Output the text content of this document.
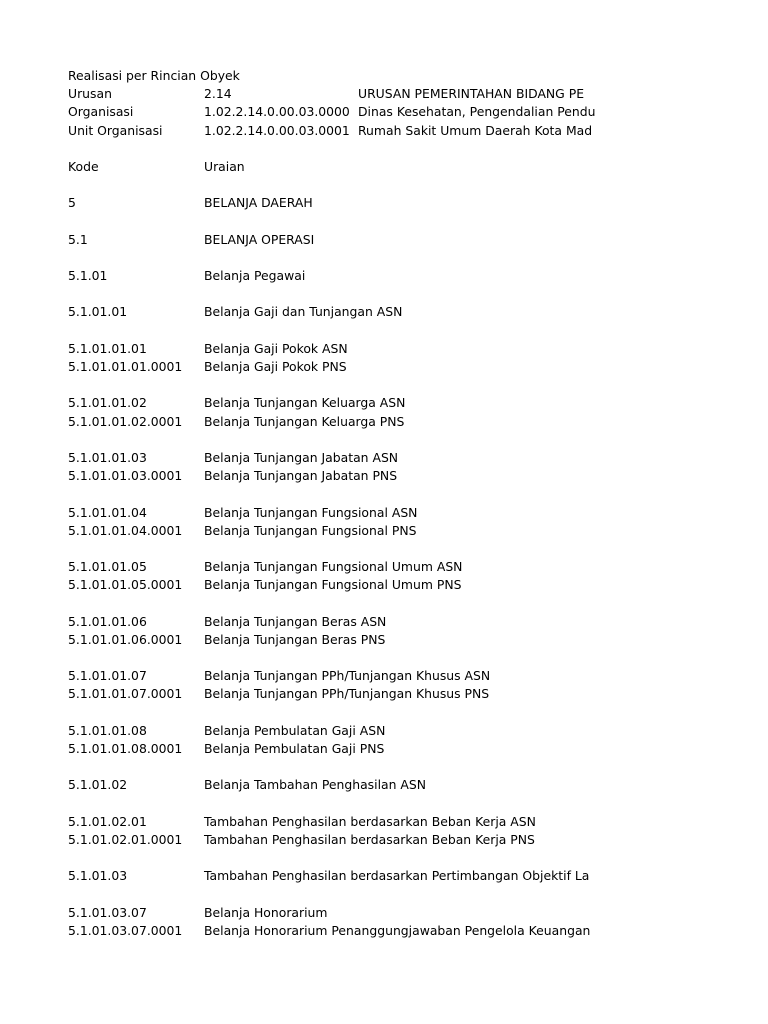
Realisasi per Rincian Obyek
Urusan	2.14	URUSAN PEMERINTAHAN BIDANG PE
Organisasi	1.02.2.14.0.00.03.0000 Dinas Kesehatan, Pengendalian Pendu
Unit Organisasi	1.02.2.14.0.00.03.0001 Rumah Sakit Umum Daerah Kota Mad
Kode	Uraian
5	BELANJA DAERAH
5.1	BELANJA OPERASI
5.1.01	Belanja Pegawai
5.1.01.01	Belanja Gaji dan Tunjangan ASN
5.1.01.01.01	Belanja Gaji Pokok ASN
5.1.01.01.01.0001 Belanja Gaji Pokok PNS
5.1.01.01.02	Belanja Tunjangan Keluarga ASN
5.1.01.01.02.0001 Belanja Tunjangan Keluarga PNS
5.1.01.01.03	Belanja Tunjangan Jabatan ASN
5.1.01.01.03.0001 Belanja Tunjangan Jabatan PNS
5.1.01.01.04	Belanja Tunjangan Fungsional ASN
5.1.01.01.04.0001 Belanja Tunjangan Fungsional PNS
5.1.01.01.05	Belanja Tunjangan Fungsional Umum ASN
5.1.01.01.05.0001 Belanja Tunjangan Fungsional Umum PNS
5.1.01.01.06	Belanja Tunjangan Beras ASN
5.1.01.01.06.0001 Belanja Tunjangan Beras PNS
5.1.01.01.07	Belanja Tunjangan PPh/Tunjangan Khusus ASN
5.1.01.01.07.0001 Belanja Tunjangan PPh/Tunjangan Khusus PNS
5.1.01.01.08	Belanja Pembulatan Gaji ASN
5.1.01.01.08.0001 Belanja Pembulatan Gaji PNS
5.1.01.02	Belanja Tambahan Penghasilan ASN
5.1.01.02.01	Tambahan Penghasilan berdasarkan Beban Kerja ASN
5.1.01.02.01.0001 Tambahan Penghasilan berdasarkan Beban Kerja PNS
5.1.01.03	Tambahan Penghasilan berdasarkan Pertimbangan Objektif La
5.1.01.03.07	Belanja Honorarium
5.1.01.03.07.0001 Belanja Honorarium Penanggungjawaban Pengelola Keuangan
